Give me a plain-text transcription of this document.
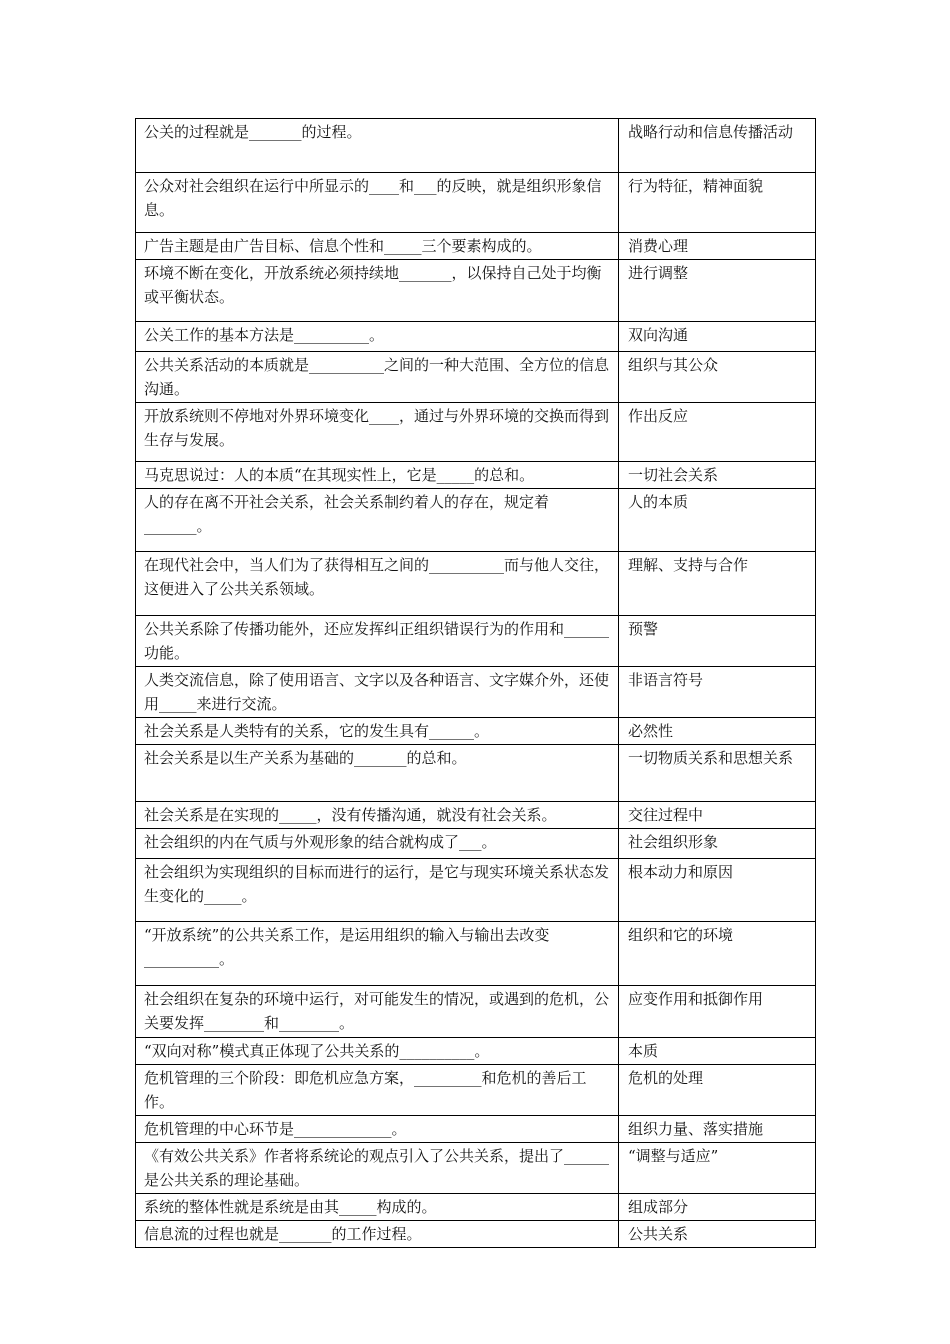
公关的过程就是_______的过程。	战略行动和信息传播活动
公众对社会组织在运行中所显示的____和___的反映，就是组织形象信息。	行为特征，精神面貌
广告主题是由广告目标、信息个性和_____三个要素构成的。	消费心理
环境不断在变化，开放系统必须持续地_______，以保持自己处于均衡或平衡状态。	进行调整
公关工作的基本方法是__________。	双向沟通
公共关系活动的本质就是__________之间的一种大范围、全方位的信息沟通。	组织与其公众
开放系统则不停地对外界环境变化____，通过与外界环境的交换而得到生存与发展。	作出反应
马克思说过：人的本质“在其现实性上，它是_____的总和。	一切社会关系
人的存在离不开社会关系，社会关系制约着人的存在，规定着_______。	人的本质
在现代社会中，当人们为了获得相互之间的__________而与他人交往，这便进入了公共关系领域。	理解、支持与合作
公共关系除了传播功能外，还应发挥纠正组织错误行为的作用和______功能。	预警
人类交流信息，除了使用语言、文字以及各种语言、文字媒介外，还使用_____来进行交流。	非语言符号
社会关系是人类特有的关系，它的发生具有______。	必然性
社会关系是以生产关系为基础的_______的总和。	一切物质关系和思想关系
社会关系是在实现的_____，没有传播沟通，就没有社会关系。	交往过程中
社会组织的内在气质与外观形象的结合就构成了___。	社会组织形象
社会组织为实现组织的目标而进行的运行，是它与现实环境关系状态发生变化的_____。	根本动力和原因
“开放系统”的公共关系工作，是运用组织的输入与输出去改变__________。	组织和它的环境
社会组织在复杂的环境中运行，对可能发生的情况，或遇到的危机，公关要发挥________和________。	应变作用和抵御作用
“双向对称”模式真正体现了公共关系的__________。	本质
危机管理的三个阶段：即危机应急方案，_________和危机的善后工作。	危机的处理
危机管理的中心环节是_____________。	组织力量、落实措施
《有效公共关系》作者将系统论的观点引入了公共关系，提出了______是公共关系的理论基础。	“调整与适应”
系统的整体性就是系统是由其_____构成的。	组成部分
信息流的过程也就是_______的工作过程。	公共关系
